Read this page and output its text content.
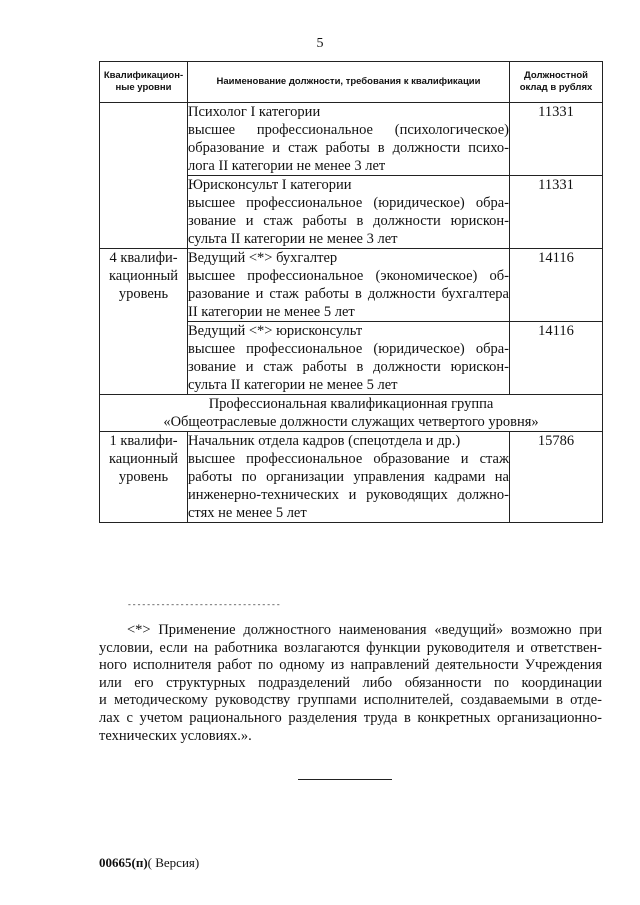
5
Квалификацион-
ные уровни	Наименование должности, требования к квалификации	Должностной
оклад в рублях

	Психолог I категории
высшее профессиональное (психологическое)
образование и стаж работы в должности психо-
лога II категории не менее 3 лет	11331

	Юрисконсульт I категории
высшее профессиональное (юридическое) обра-
зование и стаж работы в должности юрискон-
сульта II категории не менее 3 лет	11331

4 квалифи-
кационный
уровень	Ведущий <*> бухгалтер
высшее профессиональное (экономическое) об-
разование и стаж работы в должности бухгалтера
II категории не менее 5 лет	14116

	Ведущий <*> юрисконсульт
высшее профессиональное (юридическое) обра-
зование и стаж работы в должности юрискон-
сульта II категории не менее 5 лет	14116

Профессиональная квалификационная группа
«Общеотраслевые должности служащих четвертого уровня»		

1 квалифи-
кационный
уровень	Начальник отдела кадров (спецотдела и др.)
высшее профессиональное образование и стаж
работы по организации управления кадрами на
инженерно-технических и руководящих должно-
стях не менее 5 лет	15786
--------------------------------
<*> Применение должностного наименования «ведущий» возможно при
условии, если на работника возлагаются функции руководителя и ответствен-
ного исполнителя работ по одному из направлений деятельности Учреждения
или его структурных подразделений либо обязанности по координации
и методическому руководству группами исполнителей, создаваемыми в отде-
лах с учетом рационального разделения труда в конкретных организационно-
технических условиях.».
00665(п)( Версия)
